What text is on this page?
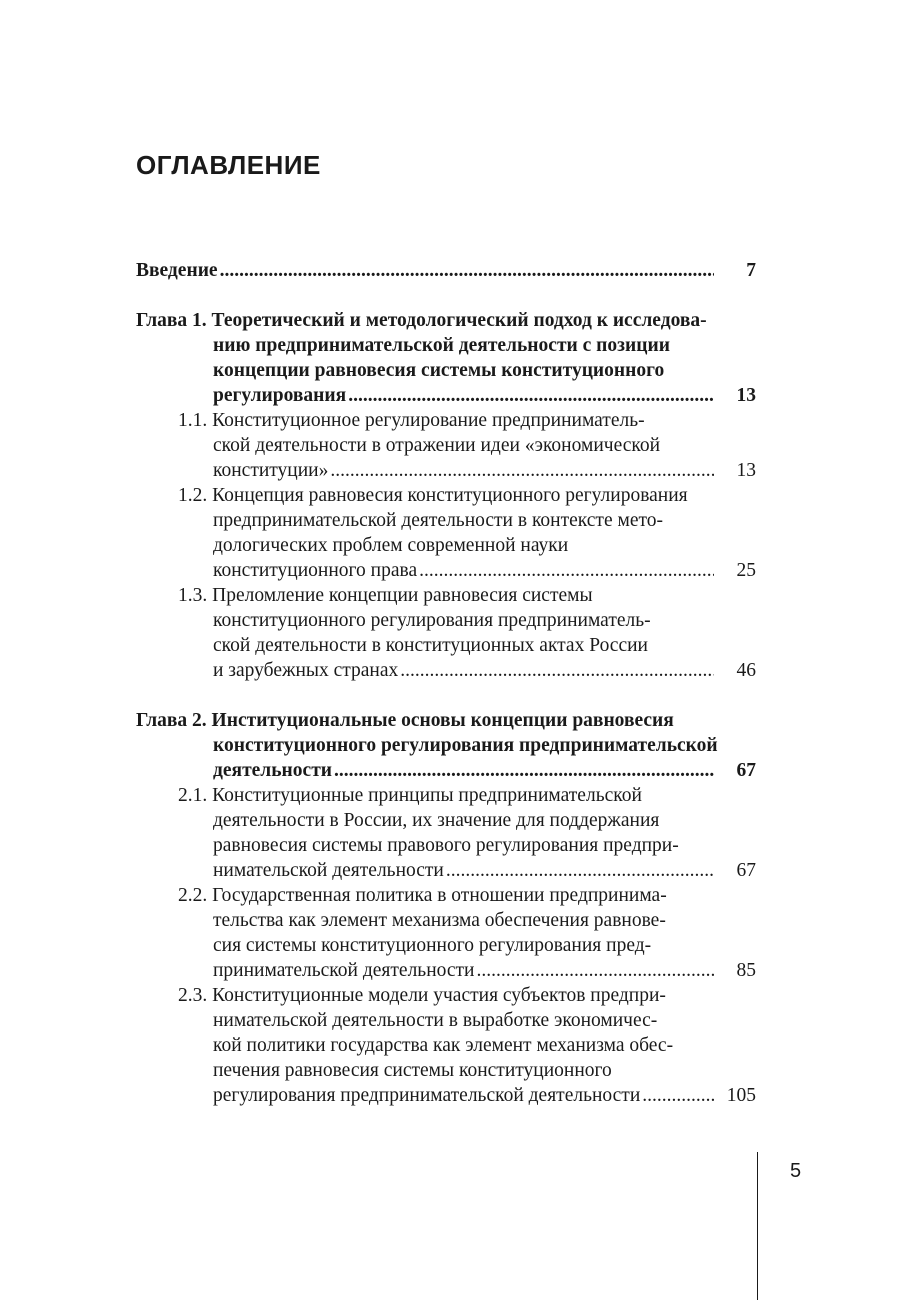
ОГЛАВЛЕНИЕ
Введение .....	7
Глава 1. Теоретический и методологический подход к исследова-
нию предпринимательской деятельности с позиции
концепции равновесия системы конституционного
регулирования .....	13
1.1. Конституционное регулирование предприниматель-
ской деятельности в отражении идеи «экономической
конституции» .....	13
1.2. Концепция равновесия конституционного регулирования
предпринимательской деятельности в контексте мето-
дологических проблем современной науки
конституционного права .....	25
1.3. Преломление концепции равновесия системы
конституционного регулирования предприниматель-
ской деятельности в конституционных актах России
и зарубежных странах .....	46
Глава 2. Институциональные основы концепции равновесия
конституционного регулирования предпринимательской
деятельности .....	67
2.1. Конституционные принципы предпринимательской
деятельности в России, их значение для поддержания
равновесия системы правового регулирования предпри-
нимательской деятельности .....	67
2.2. Государственная политика в отношении предпринима-
тельства как элемент механизма обеспечения равнове-
сия системы конституционного регулирования пред-
принимательской деятельности .....	85
2.3. Конституционные модели участия субъектов предпри-
нимательской деятельности в выработке экономичес-
кой политики государства как элемент механизма обес-
печения равновесия системы конституционного
регулирования предпринимательской деятельности .....	105
5
